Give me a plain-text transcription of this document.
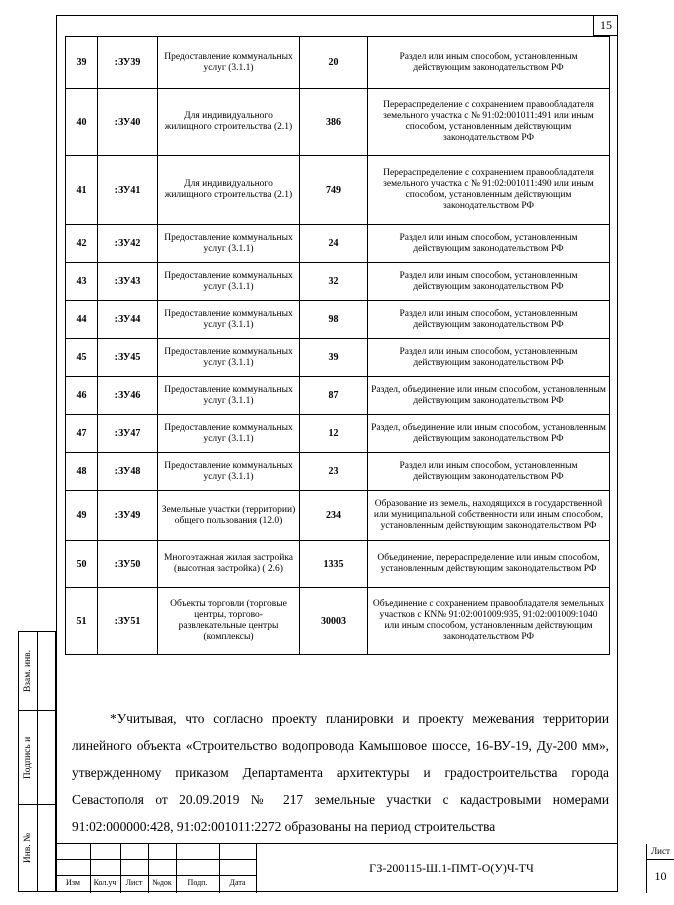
15
39	:ЗУ39	Предоставление коммунальных услуг (3.1.1)	20	Раздел или иным способом, установленным действующим законодательством РФ
40	:ЗУ40	Для индивидуального жилищного строительства (2.1)	386	Перераспределение с сохранением правообладателя земельного участка с № 91:02:001011:491 или иным способом, установленным действующим законодательством РФ
41	:ЗУ41	Для индивидуального жилищного строительства (2.1)	749	Перераспределение с сохранением правообладателя земельного участка с № 91:02:001011:490 или иным способом, установленным действующим законодательством РФ
42	:ЗУ42	Предоставление коммунальных услуг (3.1.1)	24	Раздел или иным способом, установленным действующим законодательством РФ
43	:ЗУ43	Предоставление коммунальных услуг (3.1.1)	32	Раздел или иным способом, установленным действующим законодательством РФ
44	:ЗУ44	Предоставление коммунальных услуг (3.1.1)	98	Раздел или иным способом, установленным действующим законодательством РФ
45	:ЗУ45	Предоставление коммунальных услуг (3.1.1)	39	Раздел или иным способом, установленным действующим законодательством РФ
46	:ЗУ46	Предоставление коммунальных услуг (3.1.1)	87	Раздел, объединение или иным способом, установленным действующим законодательством РФ
47	:ЗУ47	Предоставление коммунальных услуг (3.1.1)	12	Раздел, объединение или иным способом, установленным действующим законодательством РФ
48	:ЗУ48	Предоставление коммунальных услуг (3.1.1)	23	Раздел или иным способом, установленным действующим законодательством РФ
49	:ЗУ49	Земельные участки (территории) общего пользования (12.0)	234	Образование из земель, находящихся в государственной или муниципальной собственности или иным способом, установленным действующим законодательством РФ
50	:ЗУ50	Многоэтажная жилая застройка (высотная застройка) ( 2.6)	1335	Объединение, перераспределение или иным способом, установленным действующим законодательством РФ
51	:ЗУ51	Объекты торговли (торговые центры, торгово-развлекательные центры (комплексы)	30003	Объединение с сохранением правообладателя земельных участков с КN№ 91:02:001009:935, 91:02:001009:1040 или иным способом, установленным действующим законодательством РФ

*Учитывая, что согласно проекту планировки и проекту межевания территории линейного объекта «Строительство водопровода Камышовое шоссе, 16-ВУ-19, Ду-200 мм», утвержденному приказом Департамента архитектуры и градостроительства города Севастополя от 20.09.2019 № 217 земельные участки с кадастровыми номерами 91:02:000000:428, 91:02:001011:2272 образованы на период строительства

Взам. инв.
Подпись и
Инв. №
Изм	Кол.уч	Лист	№док	Подп.	Дата
ГЗ-200115-Ш.1-ПМТ-О(У)Ч-ТЧ
Лист
10
